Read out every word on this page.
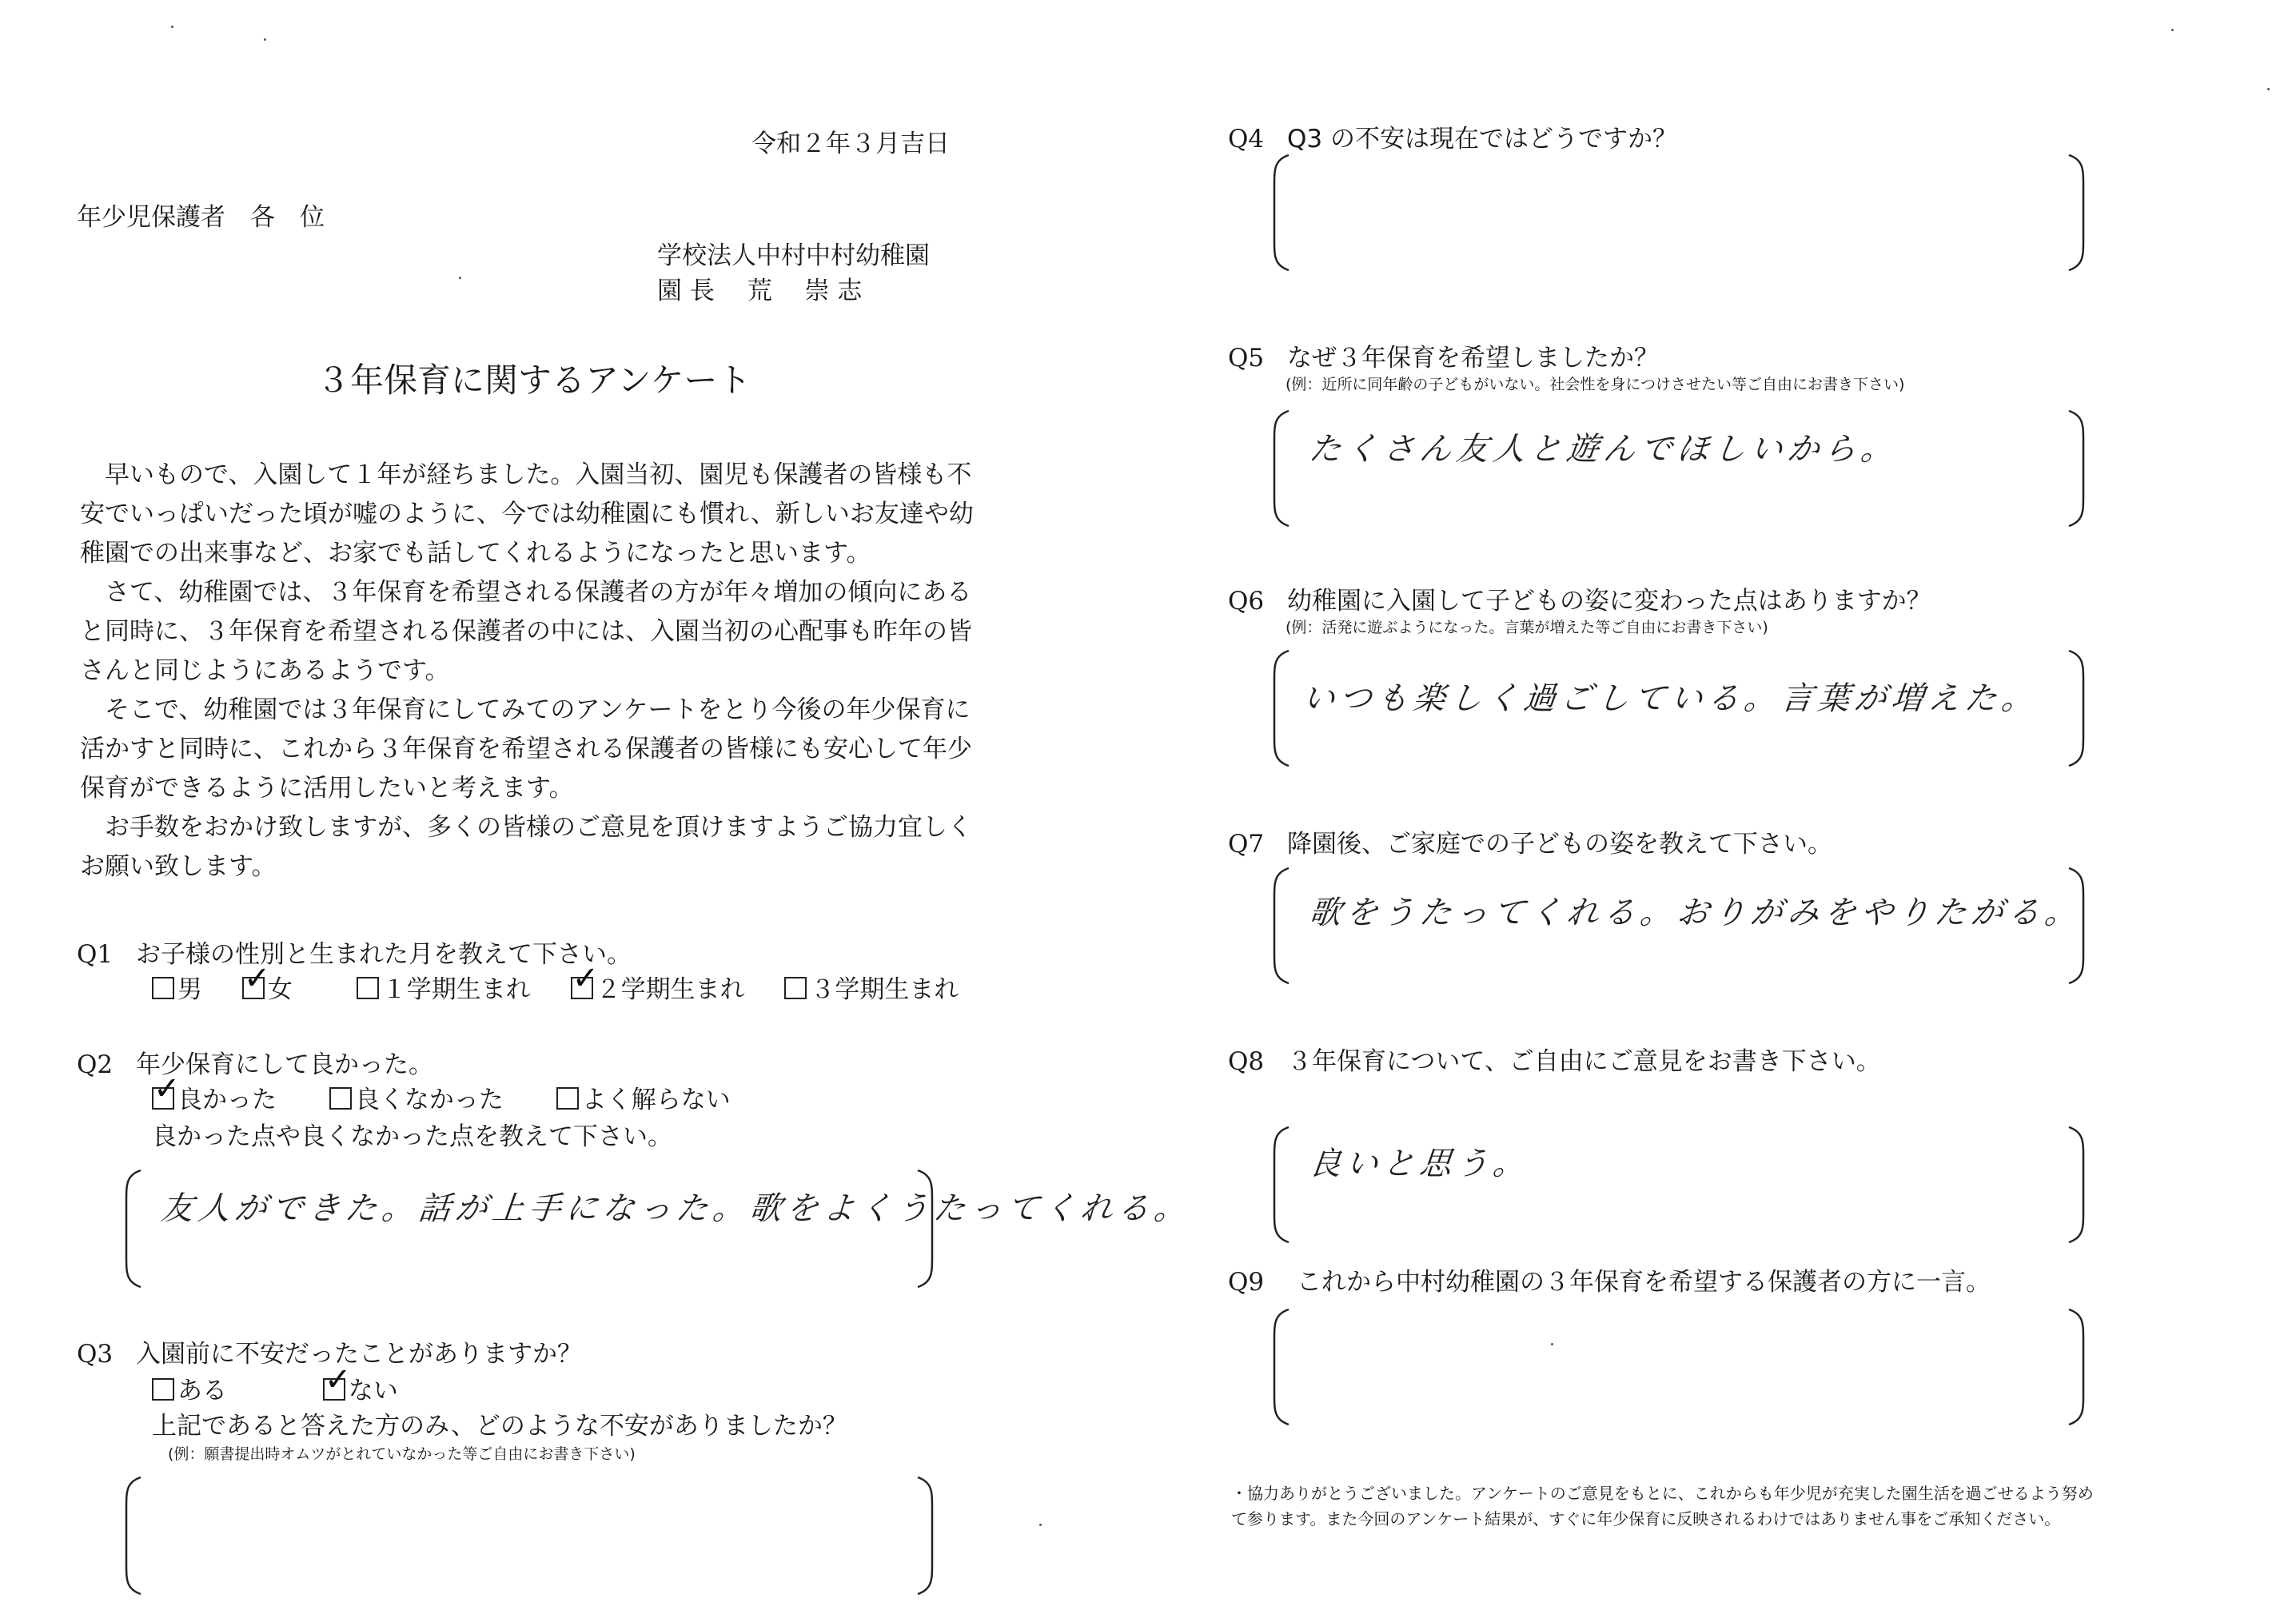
令和２年３月吉日
年少児保護者　各　位
学校法人中村中村幼稚園
園 長　 荒　 崇 志
３年保育に関するアンケート

早いもので、入園して１年が経ちました。入園当初、園児も保護者の皆様も不安でいっぱいだった頃が嘘のように、今では幼稚園にも慣れ、新しいお友達や幼稚園での出来事など、お家でも話してくれるようになったと思います。

さて、幼稚園では、３年保育を希望される保護者の方が年々増加の傾向にあると同時に、３年保育を希望される保護者の中には、入園当初の心配事も昨年の皆さんと同じようにあるようです。

そこで、幼稚園では３年保育にしてみてのアンケートをとり今後の年少保育に活かすと同時に、これから３年保育を希望される保護者の皆様にも安心して年少保育ができるように活用したいと考えます。

お手数をおかけ致しますが、多くの皆様のご意見を頂けますようご協力宜しくお願い致します。

Q1 お子様の性別と生まれた月を教えて下さい。
男 ✓	女	１学期生まれ ✓	２学期生まれ	３学期生まれ
Q2 年少保育にして良かった。
✓良かった	良くなかった	よく解らない
良かった点や良くなかった点を教えて下さい。
友人ができた。話が上手になった。歌をよくうたってくれる。
Q3 入園前に不安だったことがありますか？
ある ✓	ない
上記であると答えた方のみ、どのような不安がありましたか？
(例：願書提出時オムツがとれていなかった等ご自由にお書き下さい)
Q4 Q3 の不安は現在ではどうですか？
Q5 なぜ３年保育を希望しましたか？
(例：近所に同年齢の子どもがいない。社会性を身につけさせたい等ご自由にお書き下さい)
たくさん友人と遊んでほしいから。
Q6 幼稚園に入園して子どもの姿に変わった点はありますか？
(例：活発に遊ぶようになった。言葉が増えた等ご自由にお書き下さい)
いつも楽しく過ごしている。言葉が増えた。
Q7 降園後、ご家庭での子どもの姿を教えて下さい。
歌をうたってくれる。おりがみをやりたがる。
Q8 ３年保育について、ご自由にご意見をお書き下さい。
良いと思う。
Q9 これから中村幼稚園の３年保育を希望する保護者の方に一言。
・協力ありがとうございました。アンケートのご意見をもとに、これからも年少児が充実した園生活を過ごせるよう努めて参ります。また今回のアンケート結果が、すぐに年少保育に反映されるわけではありません事をご承知ください。
